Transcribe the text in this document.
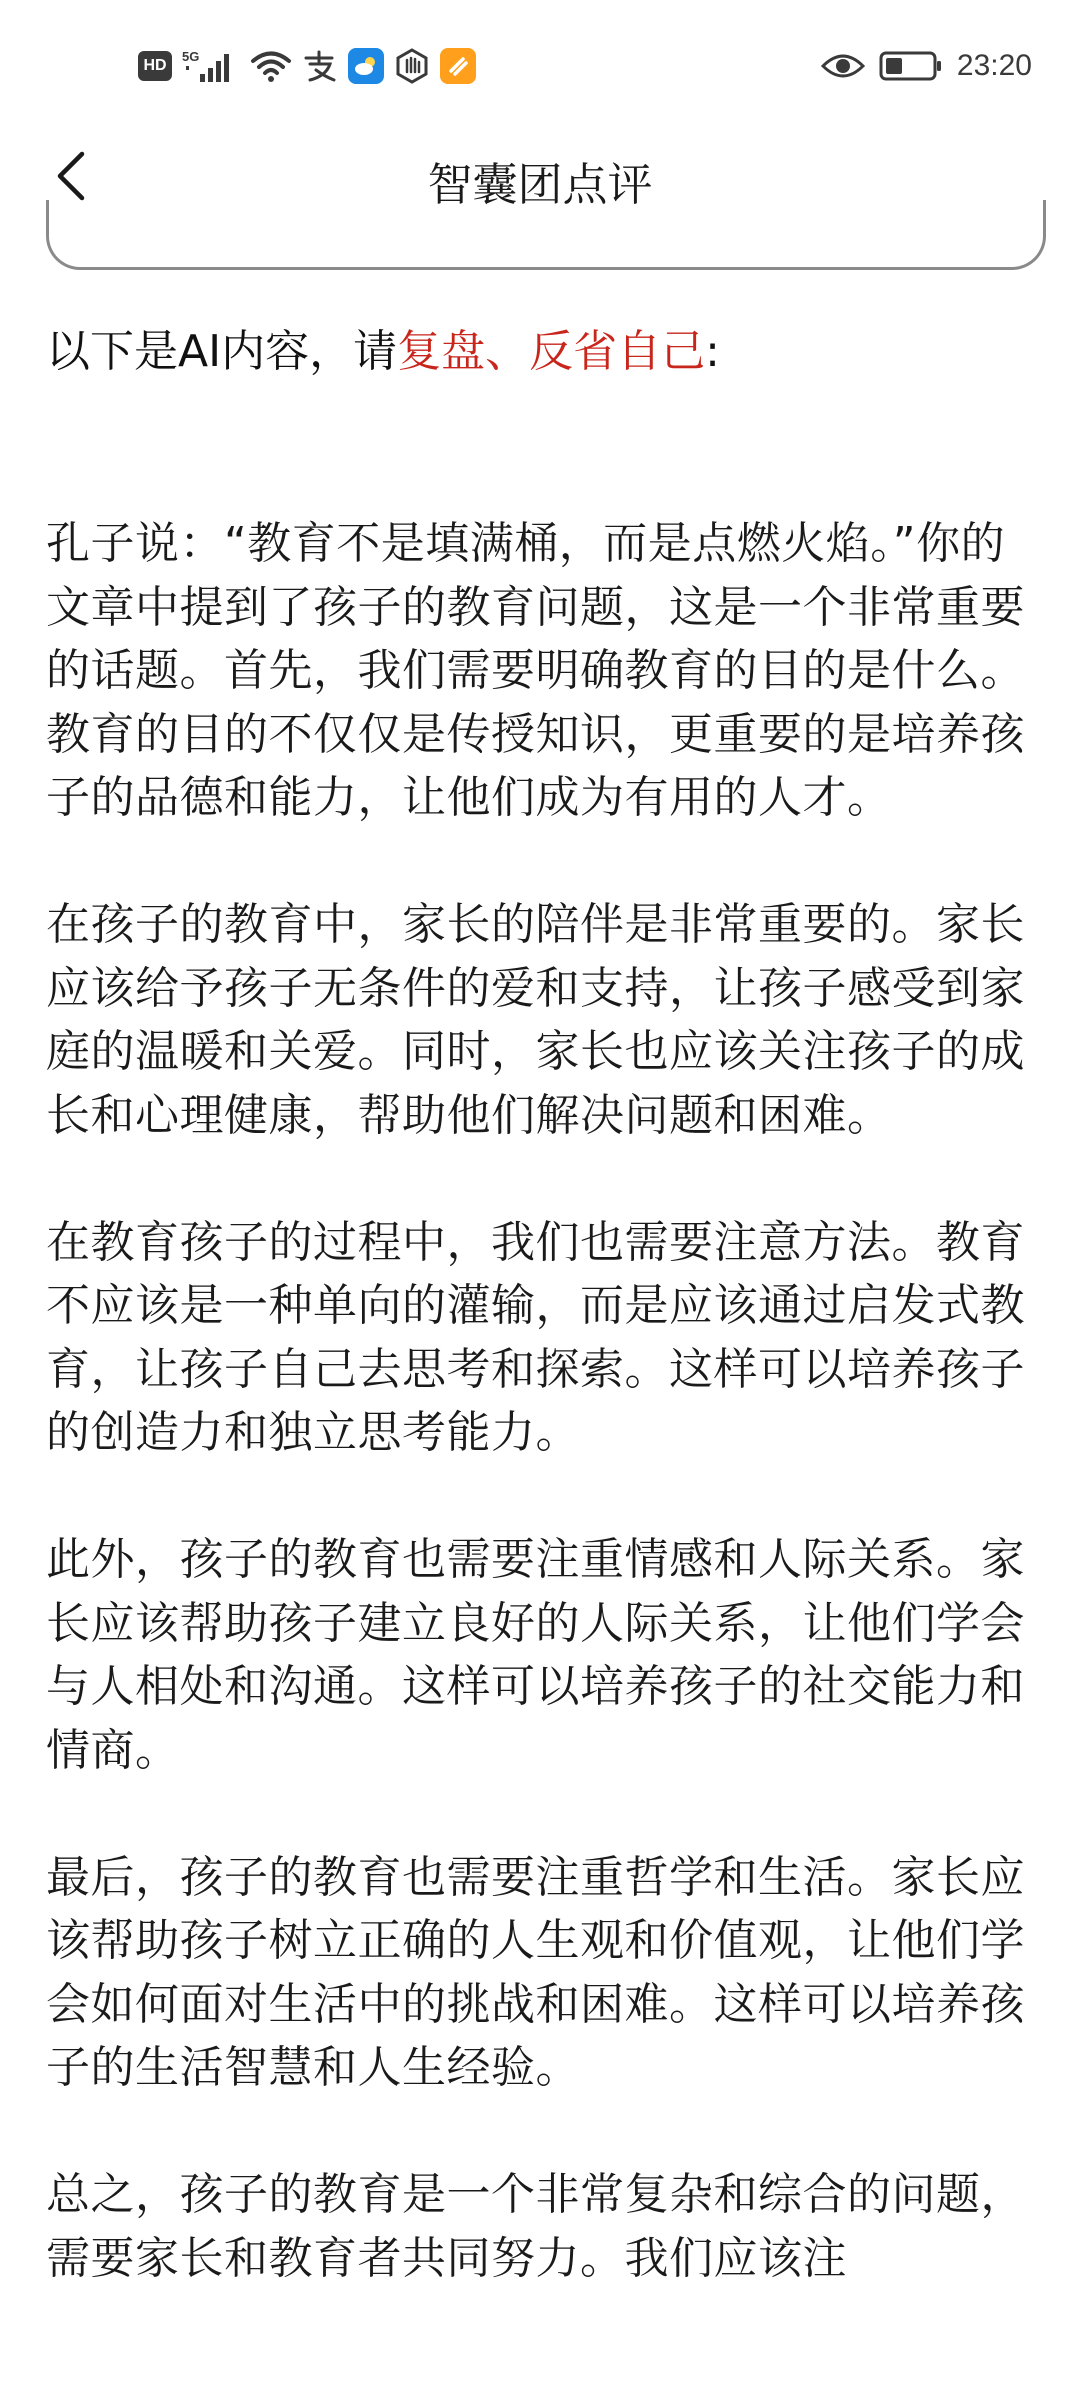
HD
5G	23:20
智囊团点评

以下是AI内容，请复盘、反省自己:

孔子说：“教育不是填满桶，而是点燃火焰。”你的文章中提到了孩子的教育问题，这是一个非常重要的话题。首先，我们需要明确教育的目的是什么。教育的目的不仅仅是传授知识，更重要的是培养孩子的品德和能力，让他们成为有用的人才。

在孩子的教育中，家长的陪伴是非常重要的。家长应该给予孩子无条件的爱和支持，让孩子感受到家庭的温暖和关爱。同时，家长也应该关注孩子的成长和心理健康，帮助他们解决问题和困难。

在教育孩子的过程中，我们也需要注意方法。教育不应该是一种单向的灌输，而是应该通过启发式教育，让孩子自己去思考和探索。这样可以培养孩子的创造力和独立思考能力。

此外，孩子的教育也需要注重情感和人际关系。家长应该帮助孩子建立良好的人际关系，让他们学会与人相处和沟通。这样可以培养孩子的社交能力和情商。

最后，孩子的教育也需要注重哲学和生活。家长应该帮助孩子树立正确的人生观和价值观，让他们学会如何面对生活中的挑战和困难。这样可以培养孩子的生活智慧和人生经验。

总之，孩子的教育是一个非常复杂和综合的问题，需要家长和教育者共同努力。我们应该注
